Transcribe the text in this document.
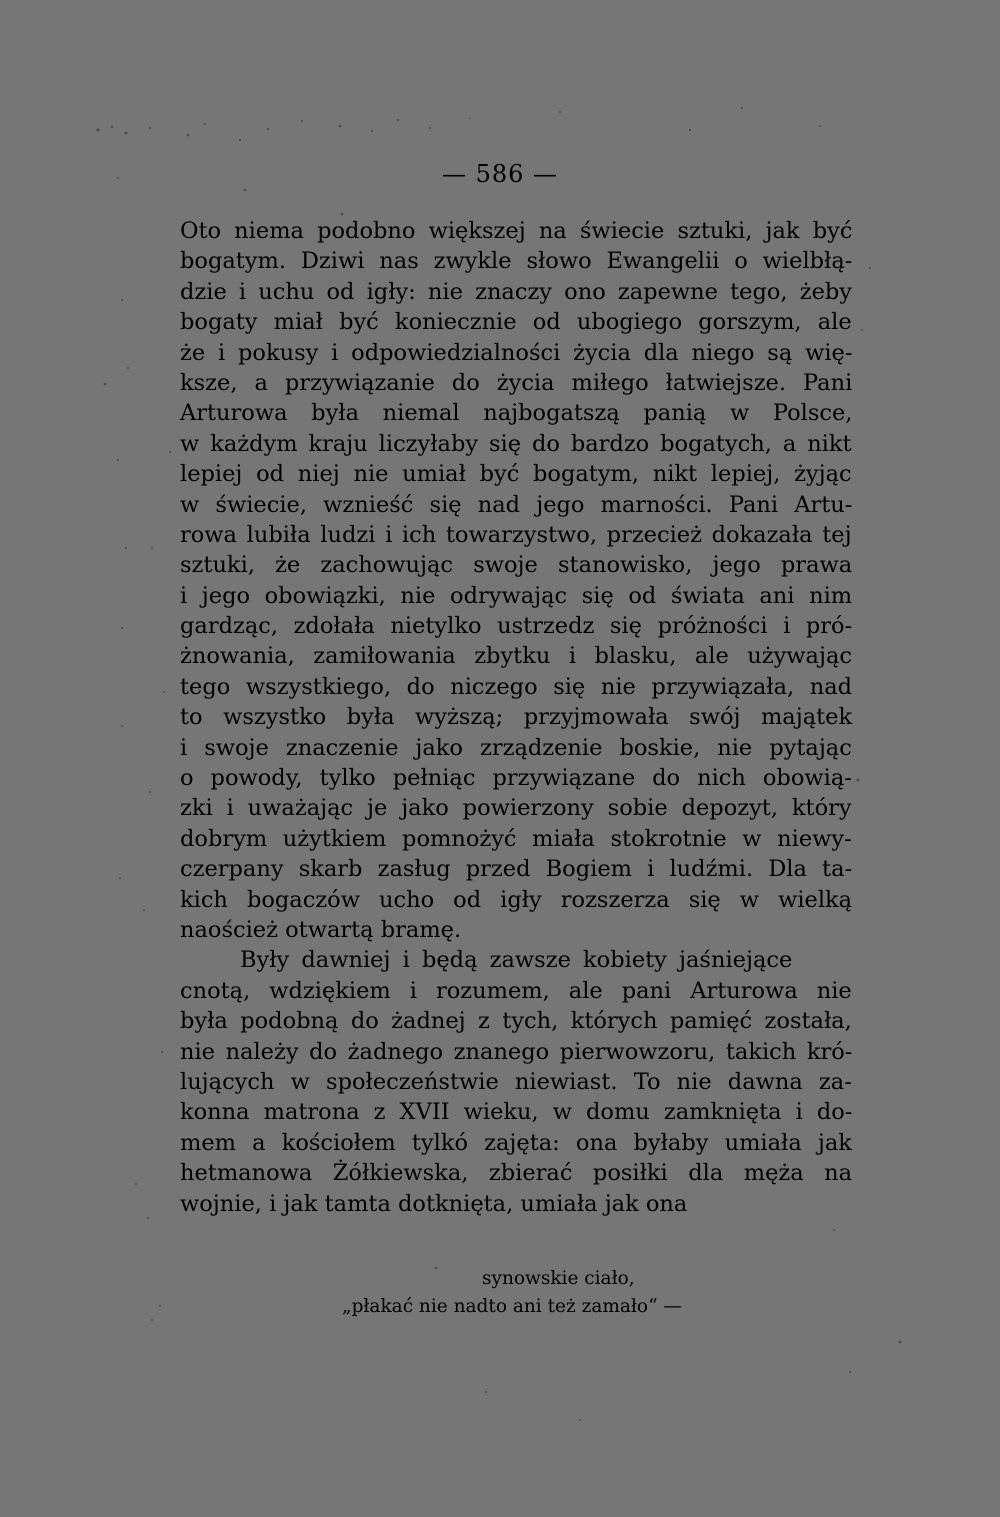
— 586 —
Oto niema podobno większej na świecie sztuki, jak być
bogatym. Dziwi nas zwykle słowo Ewangelii o wielbłą-
dzie i uchu od igły: nie znaczy ono zapewne tego, żeby
bogaty miał być koniecznie od ubogiego gorszym, ale
że i pokusy i odpowiedzialności życia dla niego są wię-
ksze, a przywiązanie do życia miłego łatwiejsze. Pani
Arturowa była niemal najbogatszą panią w Polsce,
w każdym kraju liczyłaby się do bardzo bogatych, a nikt
lepiej od niej nie umiał być bogatym, nikt lepiej, żyjąc
w świecie, wznieść się nad jego marności. Pani Artu-
rowa lubiła ludzi i ich towarzystwo, przecież dokazała tej
sztuki, że zachowując swoje stanowisko, jego prawa
i jego obowiązki, nie odrywając się od świata ani nim
gardząc, zdołała nietylko ustrzedz się próżności i pró-
żnowania, zamiłowania zbytku i blasku, ale używając
tego wszystkiego, do niczego się nie przywiązała, nad
to wszystko była wyższą; przyjmowała swój majątek
i swoje znaczenie jako zrządzenie boskie, nie pytając
o powody, tylko pełniąc przywiązane do nich obowią-
zki i uważając je jako powierzony sobie depozyt, który
dobrym użytkiem pomnożyć miała stokrotnie w niewy-
czerpany skarb zasług przed Bogiem i ludźmi. Dla ta-
kich bogaczów ucho od igły rozszerza się w wielką
naoścież otwartą bramę.
Były dawniej i będą zawsze kobiety jaśniejące
cnotą, wdziękiem i rozumem, ale pani Arturowa nie
była podobną do żadnej z tych, których pamięć została,
nie należy do żadnego znanego pierwowzoru, takich kró-
lujących w społeczeństwie niewiast. To nie dawna za-
konna matrona z XVII wieku, w domu zamknięta i do-
mem a kościołem tylkó zajęta: ona byłaby umiała jak
hetmanowa Żółkiewska, zbierać posiłki dla męża na
wojnie, i jak tamta dotknięta, umiała jak ona
synowskie ciało,
„płakać nie nadto ani też zamało“ —
